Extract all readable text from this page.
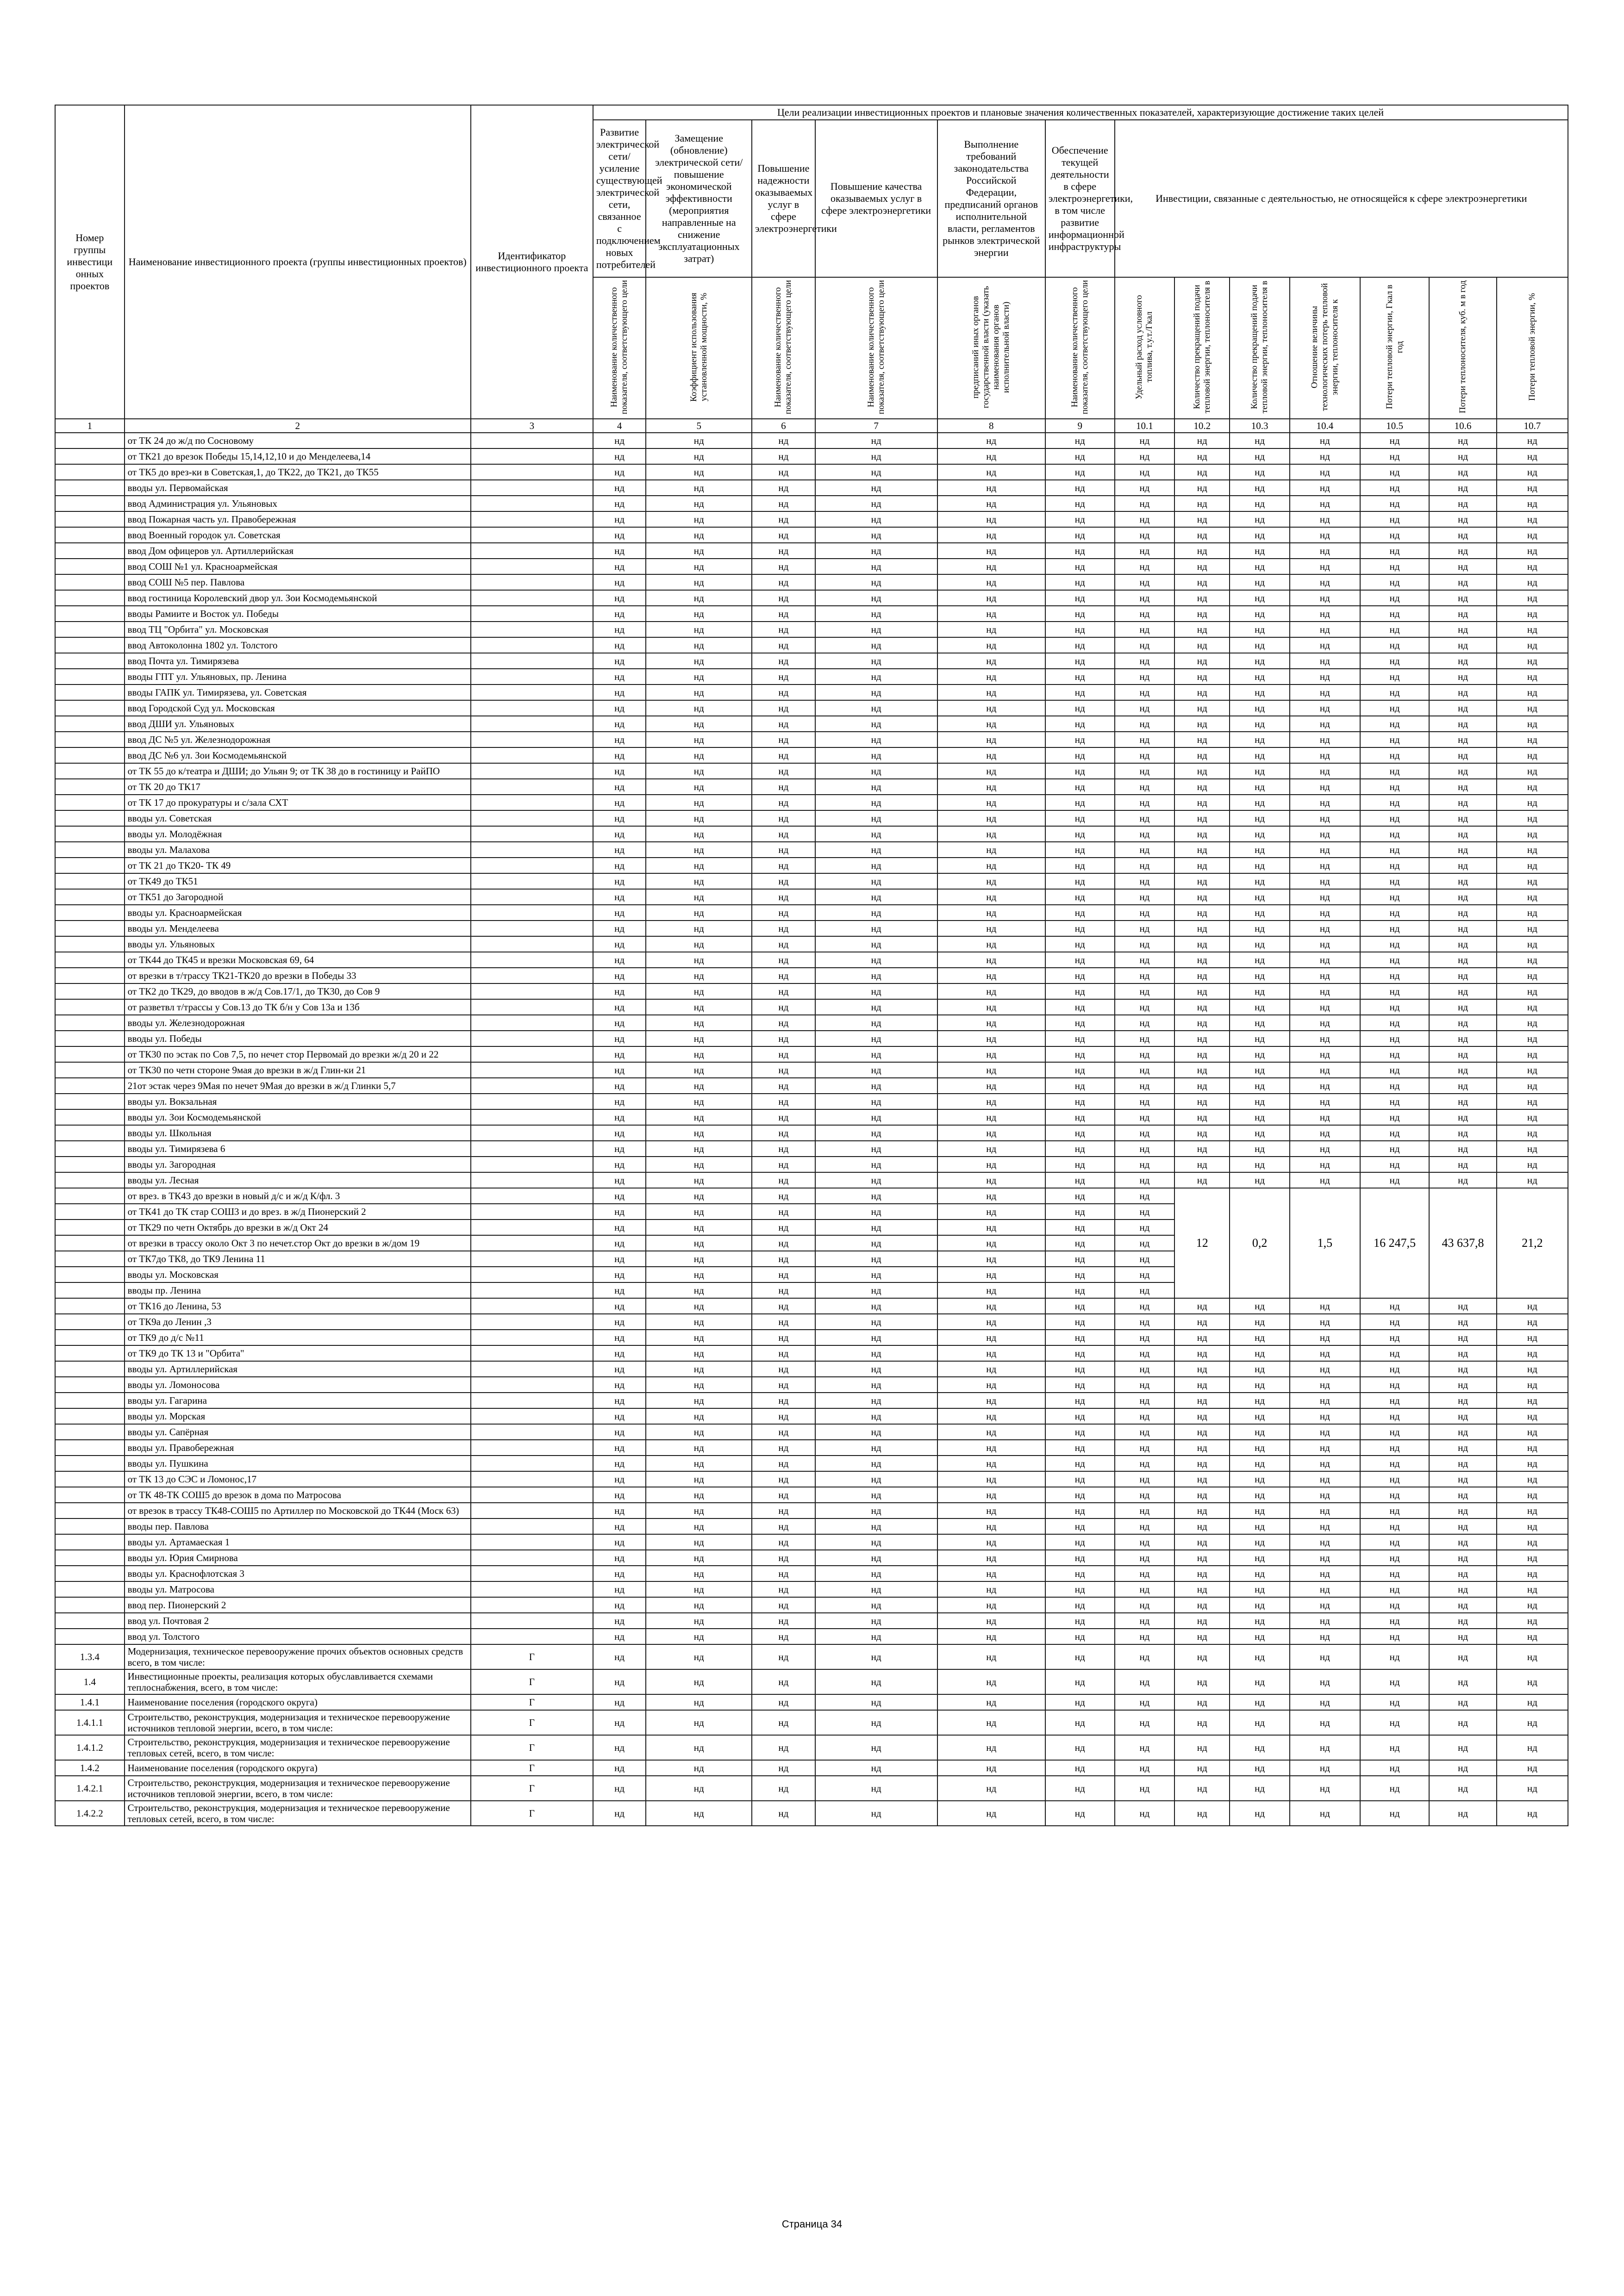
Номер группы инвестици онных проектов	Наименование инвестиционного проекта (группы инвестиционных проектов)	Идентификатор инвестиционного проекта	Цели реализации инвестиционных проектов и плановые значения количественных показателей, характеризующие достижение таких целей												
			Развитие электрической сети/усиление существующей электрической сети, связанное с подключением новых потребителей	Замещение (обновление) электрической сети/повышение экономической эффективности (мероприятия направленные на снижение эксплуатационных затрат)	Повышение надежности оказываемых услуг в сфере электроэнергетики	Повышение качества оказываемых услуг в сфере электроэнергетики	Выполнение требований законодательства Российской Федерации, предписаний органов исполнительной власти, регламентов рынков электрической энергии	Обеспечение текущей деятельности в сфере электроэнергетики, в том числе развитие информационной инфраструктуры	Инвестиции, связанные с деятельностью, не относящейся к сфере электроэнергетики						
			Наименование количественного показателя, соответствующего цели	Коэффициент использования установленной мощности, %	Наименование количественного показателя, соответствующего цели	Наименование количественного показателя, соответствующего цели	предписаний иных органов государственной власти (указать наименования органов исполнительной власти)	Наименование количественного показателя, соответствующего цели	Удельный расход условного топлива, т.у.т./Гкал	Количество прекращений подачи тепловой энергии, теплоносителя в	Количество прекращений подачи тепловой энергии, теплоносителя в	Отношение величины технологических потерь тепловой энергии, теплоносителя к	Потери тепловой энергии, Гкал в год	Потери теплоносителя, куб. м в год	Потери тепловой энергии, %
1	2	3	4	5	6	7	8	9	10.1	10.2	10.3	10.4	10.5	10.6	10.7
	от ТК 24 до ж/д по Сосновому		нд	нд	нд	нд	нд	нд	нд	нд	нд	нд	нд	нд	нд
	от ТК21 до врезок Победы 15,14,12,10 и до Менделеева,14		нд	нд	нд	нд	нд	нд	нд	нд	нд	нд	нд	нд	нд
	от ТК5 до врез-ки в Советская,1, до ТК22, до ТК21, до ТК55		нд	нд	нд	нд	нд	нд	нд	нд	нд	нд	нд	нд	нд
	вводы ул. Первомайская		нд	нд	нд	нд	нд	нд	нд	нд	нд	нд	нд	нд	нд
	ввод Администрация ул. Ульяновых		нд	нд	нд	нд	нд	нд	нд	нд	нд	нд	нд	нд	нд
	ввод Пожарная часть ул. Правобережная		нд	нд	нд	нд	нд	нд	нд	нд	нд	нд	нд	нд	нд
	ввод Военный городок ул. Советская		нд	нд	нд	нд	нд	нд	нд	нд	нд	нд	нд	нд	нд
	ввод Дом офицеров ул. Артиллерийская		нд	нд	нд	нд	нд	нд	нд	нд	нд	нд	нд	нд	нд
	ввод СОШ №1 ул. Красноармейская		нд	нд	нд	нд	нд	нд	нд	нд	нд	нд	нд	нд	нд
	ввод СОШ №5 пер. Павлова		нд	нд	нд	нд	нд	нд	нд	нд	нд	нд	нд	нд	нд
	ввод гостиница Королевский двор ул. Зои Космодемьянской		нд	нд	нд	нд	нд	нд	нд	нд	нд	нд	нд	нд	нд
	вводы Рамиите и Восток ул. Победы		нд	нд	нд	нд	нд	нд	нд	нд	нд	нд	нд	нд	нд
	ввод ТЦ "Орбита" ул. Московская		нд	нд	нд	нд	нд	нд	нд	нд	нд	нд	нд	нд	нд
	ввод Автоколонна 1802 ул. Толстого		нд	нд	нд	нд	нд	нд	нд	нд	нд	нд	нд	нд	нд
	ввод Почта ул. Тимирязева		нд	нд	нд	нд	нд	нд	нд	нд	нд	нд	нд	нд	нд
	вводы ГПТ ул. Ульяновых, пр. Ленина		нд	нд	нд	нд	нд	нд	нд	нд	нд	нд	нд	нд	нд
	вводы ГАПК ул. Тимирязева, ул. Советская		нд	нд	нд	нд	нд	нд	нд	нд	нд	нд	нд	нд	нд
	ввод Городской Суд ул. Московская		нд	нд	нд	нд	нд	нд	нд	нд	нд	нд	нд	нд	нд
	ввод ДШИ ул. Ульяновых		нд	нд	нд	нд	нд	нд	нд	нд	нд	нд	нд	нд	нд
	ввод ДС №5 ул. Железнодорожная		нд	нд	нд	нд	нд	нд	нд	нд	нд	нд	нд	нд	нд
	ввод ДС №6 ул. Зои Космодемьянской		нд	нд	нд	нд	нд	нд	нд	нд	нд	нд	нд	нд	нд
	от ТК 55 до к/театра и ДШИ; до Ульян 9; от ТК 38 до в гостиницу и РайПО		нд	нд	нд	нд	нд	нд	нд	нд	нд	нд	нд	нд	нд
	от ТК 20 до ТК17		нд	нд	нд	нд	нд	нд	нд	нд	нд	нд	нд	нд	нд
	от ТК 17 до прокуратуры и с/зала СХТ		нд	нд	нд	нд	нд	нд	нд	нд	нд	нд	нд	нд	нд
	вводы ул. Советская		нд	нд	нд	нд	нд	нд	нд	нд	нд	нд	нд	нд	нд
	вводы ул. Молодёжная		нд	нд	нд	нд	нд	нд	нд	нд	нд	нд	нд	нд	нд
	вводы ул. Малахова		нд	нд	нд	нд	нд	нд	нд	нд	нд	нд	нд	нд	нд
	от ТК 21 до ТК20- ТК 49		нд	нд	нд	нд	нд	нд	нд	нд	нд	нд	нд	нд	нд
	от ТК49 до ТК51		нд	нд	нд	нд	нд	нд	нд	нд	нд	нд	нд	нд	нд
	от ТК51 до Загородной		нд	нд	нд	нд	нд	нд	нд	нд	нд	нд	нд	нд	нд
	вводы ул. Красноармейская		нд	нд	нд	нд	нд	нд	нд	нд	нд	нд	нд	нд	нд
	вводы ул. Менделеева		нд	нд	нд	нд	нд	нд	нд	нд	нд	нд	нд	нд	нд
	вводы ул. Ульяновых		нд	нд	нд	нд	нд	нд	нд	нд	нд	нд	нд	нд	нд
	от ТК44 до ТК45 и врезки Московская 69, 64		нд	нд	нд	нд	нд	нд	нд	нд	нд	нд	нд	нд	нд
	от врезки в т/трассу ТК21-ТК20 до врезки в Победы 33		нд	нд	нд	нд	нд	нд	нд	нд	нд	нд	нд	нд	нд
	от ТК2 до ТК29, до вводов в ж/д Сов.17/1, до ТК30, до Сов 9		нд	нд	нд	нд	нд	нд	нд	нд	нд	нд	нд	нд	нд
	от разветвл т/трассы у Сов.13 до ТК б/н у Сов 13а и 13б		нд	нд	нд	нд	нд	нд	нд	нд	нд	нд	нд	нд	нд
	вводы ул. Железнодорожная		нд	нд	нд	нд	нд	нд	нд	нд	нд	нд	нд	нд	нд
	вводы ул. Победы		нд	нд	нд	нд	нд	нд	нд	нд	нд	нд	нд	нд	нд
	от ТК30 по эстак по Сов 7,5, по нечет стор Первомай до врезки ж/д 20 и 22		нд	нд	нд	нд	нд	нд	нд	нд	нд	нд	нд	нд	нд
	от ТК30 по четн стороне 9мая до врезки в ж/д Глин-ки 21		нд	нд	нд	нд	нд	нд	нд	нд	нд	нд	нд	нд	нд
	21от эстак через 9Мая по нечет 9Мая до врезки в ж/д Глинки 5,7		нд	нд	нд	нд	нд	нд	нд	нд	нд	нд	нд	нд	нд
	вводы ул. Вокзальная		нд	нд	нд	нд	нд	нд	нд	нд	нд	нд	нд	нд	нд
	вводы ул. Зои Космодемьянской		нд	нд	нд	нд	нд	нд	нд	нд	нд	нд	нд	нд	нд
	вводы ул. Школьная		нд	нд	нд	нд	нд	нд	нд	нд	нд	нд	нд	нд	нд
	вводы ул. Тимирязева 6		нд	нд	нд	нд	нд	нд	нд	нд	нд	нд	нд	нд	нд
	вводы ул. Загородная		нд	нд	нд	нд	нд	нд	нд	нд	нд	нд	нд	нд	нд
	вводы ул. Лесная		нд	нд	нд	нд	нд	нд	нд	нд	нд	нд	нд	нд	нд
	от врез. в ТК43 до врезки в новый д/с и ж/д К/фл. 3		нд	нд	нд	нд	нд	нд	нд	12	0,2	1,5	16 247,5	43 637,8	21,2
	от ТК41 до ТК стар СОШ3 и до врез. в ж/д Пионерский 2		нд	нд	нд	нд	нд	нд	нд						
	от ТК29 по четн Октябрь до врезки в ж/д Окт 24		нд	нд	нд	нд	нд	нд	нд						
	от врезки в трассу около Окт 3 по нечет.стор Окт до врезки в ж/дом 19		нд	нд	нд	нд	нд	нд	нд						
	от ТК7до ТК8, до ТК9 Ленина 11		нд	нд	нд	нд	нд	нд	нд						
	вводы ул. Московская		нд	нд	нд	нд	нд	нд	нд						
	вводы пр. Ленина		нд	нд	нд	нд	нд	нд	нд						
	от ТК16 до Ленина, 53		нд	нд	нд	нд	нд	нд	нд	нд	нд	нд	нд	нд	нд
	от ТК9а до Ленин ,3		нд	нд	нд	нд	нд	нд	нд	нд	нд	нд	нд	нд	нд
	от ТК9 до д/с №11		нд	нд	нд	нд	нд	нд	нд	нд	нд	нд	нд	нд	нд
	от ТК9 до ТК 13 и "Орбита"		нд	нд	нд	нд	нд	нд	нд	нд	нд	нд	нд	нд	нд
	вводы ул. Артиллерийская		нд	нд	нд	нд	нд	нд	нд	нд	нд	нд	нд	нд	нд
	вводы ул. Ломоносова		нд	нд	нд	нд	нд	нд	нд	нд	нд	нд	нд	нд	нд
	вводы ул. Гагарина		нд	нд	нд	нд	нд	нд	нд	нд	нд	нд	нд	нд	нд
	вводы ул. Морская		нд	нд	нд	нд	нд	нд	нд	нд	нд	нд	нд	нд	нд
	вводы ул. Сапёрная		нд	нд	нд	нд	нд	нд	нд	нд	нд	нд	нд	нд	нд
	вводы ул. Правобережная		нд	нд	нд	нд	нд	нд	нд	нд	нд	нд	нд	нд	нд
	вводы ул. Пушкина		нд	нд	нд	нд	нд	нд	нд	нд	нд	нд	нд	нд	нд
	от ТК 13 до СЭС и Ломонос,17		нд	нд	нд	нд	нд	нд	нд	нд	нд	нд	нд	нд	нд
	от ТК 48-ТК СОШ5 до врезок в дома по Матросова		нд	нд	нд	нд	нд	нд	нд	нд	нд	нд	нд	нд	нд
	от врезок в трассу ТК48-СОШ5 по Артиллер по Московской до ТК44 (Моск 63)		нд	нд	нд	нд	нд	нд	нд	нд	нд	нд	нд	нд	нд
	вводы пер. Павлова		нд	нд	нд	нд	нд	нд	нд	нд	нд	нд	нд	нд	нд
	вводы ул. Артамаеская 1		нд	нд	нд	нд	нд	нд	нд	нд	нд	нд	нд	нд	нд
	вводы ул. Юрия Смирнова		нд	нд	нд	нд	нд	нд	нд	нд	нд	нд	нд	нд	нд
	вводы ул. Краснофлотская 3		нд	нд	нд	нд	нд	нд	нд	нд	нд	нд	нд	нд	нд
	вводы ул. Матросова		нд	нд	нд	нд	нд	нд	нд	нд	нд	нд	нд	нд	нд
	ввод пер. Пионерский 2		нд	нд	нд	нд	нд	нд	нд	нд	нд	нд	нд	нд	нд
	ввод ул. Почтовая 2		нд	нд	нд	нд	нд	нд	нд	нд	нд	нд	нд	нд	нд
	ввод ул. Толстого		нд	нд	нд	нд	нд	нд	нд	нд	нд	нд	нд	нд	нд
1.3.4	Модернизация, техническое перевооружение прочих объектов основных средств всего, в том числе:	Г	нд	нд	нд	нд	нд	нд	нд	нд	нд	нд	нд	нд	нд
1.4	Инвестиционные проекты, реализация которых обуславливается схемами теплоснабжения, всего, в том числе:	Г	нд	нд	нд	нд	нд	нд	нд	нд	нд	нд	нд	нд	нд
1.4.1	Наименование поселения (городского округа)	Г	нд	нд	нд	нд	нд	нд	нд	нд	нд	нд	нд	нд	нд
1.4.1.1	Строительство, реконструкция, модернизация и техническое перевооружение источников тепловой энергии, всего, в том числе:	Г	нд	нд	нд	нд	нд	нд	нд	нд	нд	нд	нд	нд	нд
1.4.1.2	Строительство, реконструкция, модернизация и техническое перевооружение тепловых сетей, всего, в том числе:	Г	нд	нд	нд	нд	нд	нд	нд	нд	нд	нд	нд	нд	нд
1.4.2	Наименование поселения (городского округа)	Г	нд	нд	нд	нд	нд	нд	нд	нд	нд	нд	нд	нд	нд
1.4.2.1	Строительство, реконструкция, модернизация и техническое перевооружение источников тепловой энергии, всего, в том числе:	Г	нд	нд	нд	нд	нд	нд	нд	нд	нд	нд	нд	нд	нд
1.4.2.2	Строительство, реконструкция, модернизация и техническое перевооружение тепловых сетей, всего, в том числе:	Г	нд	нд	нд	нд	нд	нд	нд	нд	нд	нд	нд	нд	нд
Страница 34
